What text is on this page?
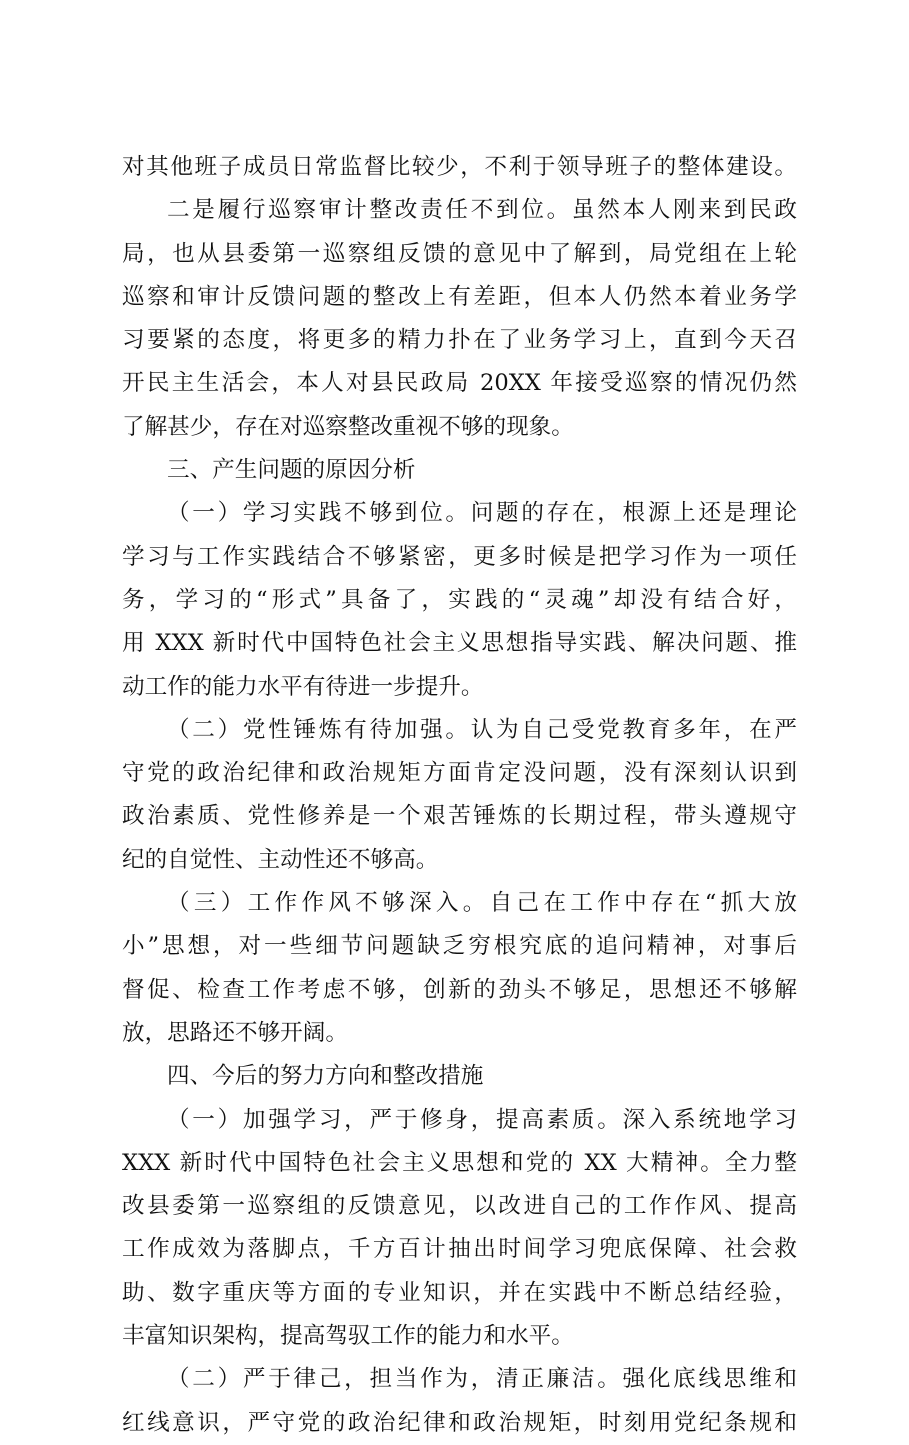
对其他班子成员日常监督比较少，不利于领导班子的整体建设。
二是履行巡察审计整改责任不到位。虽然本人刚来到民政
局，也从县委第一巡察组反馈的意见中了解到，局党组在上轮
巡察和审计反馈问题的整改上有差距，但本人仍然本着业务学
习要紧的态度，将更多的精力扑在了业务学习上，直到今天召
开民主生活会，本人对县民政局 20XX 年接受巡察的情况仍然
了解甚少，存在对巡察整改重视不够的现象。
三、产生问题的原因分析
（一）学习实践不够到位。问题的存在，根源上还是理论
学习与工作实践结合不够紧密，更多时候是把学习作为一项任
务，学习的“形式”具备了，实践的“灵魂”却没有结合好，
用 XXX 新时代中国特色社会主义思想指导实践、解决问题、推
动工作的能力水平有待进一步提升。
（二）党性锤炼有待加强。认为自己受党教育多年，在严
守党的政治纪律和政治规矩方面肯定没问题，没有深刻认识到
政治素质、党性修养是一个艰苦锤炼的长期过程，带头遵规守
纪的自觉性、主动性还不够高。
（三）工作作风不够深入。自己在工作中存在“抓大放
小”思想，对一些细节问题缺乏穷根究底的追问精神，对事后
督促、检查工作考虑不够，创新的劲头不够足，思想还不够解
放，思路还不够开阔。
四、今后的努力方向和整改措施
（一）加强学习，严于修身，提高素质。深入系统地学习
XXX 新时代中国特色社会主义思想和党的 XX 大精神。全力整
改县委第一巡察组的反馈意见，以改进自己的工作作风、提高
工作成效为落脚点，千方百计抽出时间学习兜底保障、社会救
助、数字重庆等方面的专业知识，并在实践中不断总结经验，
丰富知识架构，提高驾驭工作的能力和水平。
（二）严于律己，担当作为，清正廉洁。强化底线思维和
红线意识，严守党的政治纪律和政治规矩，时刻用党纪条规和
